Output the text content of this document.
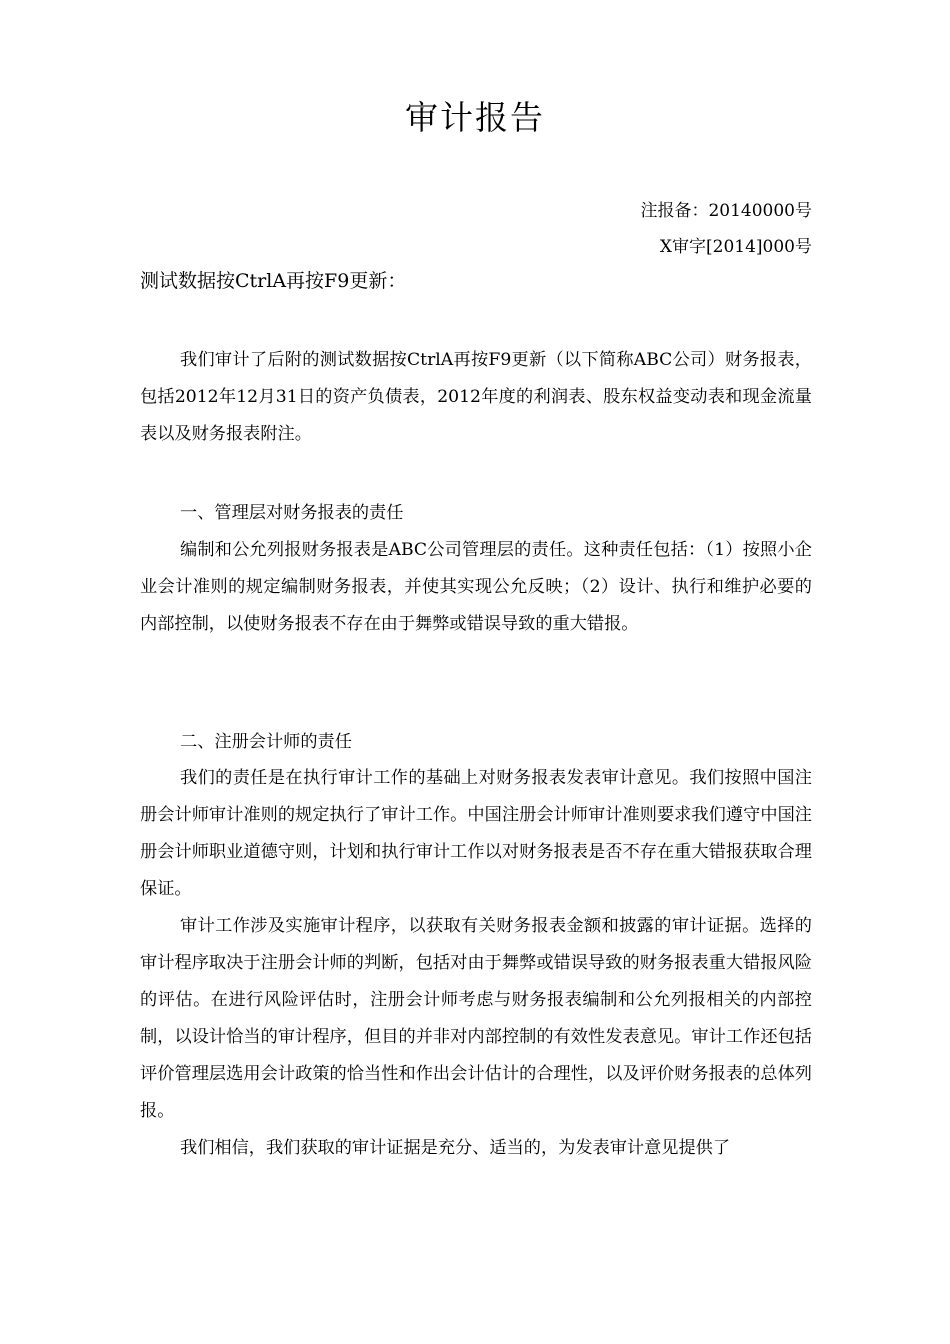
审计报告
注报备：20140000号
X审字[2014]000号
测试数据按CtrlA再按F9更新：

我们审计了后附的测试数据按CtrlA再按F9更新（以下简称ABC公司）财务报表，包括2012年12月31日的资产负债表，2012年度的利润表、股东权益变动表和现金流量表以及财务报表附注。

一、管理层对财务报表的责任

编制和公允列报财务报表是ABC公司管理层的责任。这种责任包括：（1）按照小企业会计准则的规定编制财务报表，并使其实现公允反映；（2）设计、执行和维护必要的内部控制，以使财务报表不存在由于舞弊或错误导致的重大错报。

二、注册会计师的责任

我们的责任是在执行审计工作的基础上对财务报表发表审计意见。我们按照中国注册会计师审计准则的规定执行了审计工作。中国注册会计师审计准则要求我们遵守中国注册会计师职业道德守则，计划和执行审计工作以对财务报表是否不存在重大错报获取合理保证。

审计工作涉及实施审计程序，以获取有关财务报表金额和披露的审计证据。选择的审计程序取决于注册会计师的判断，包括对由于舞弊或错误导致的财务报表重大错报风险的评估。在进行风险评估时，注册会计师考虑与财务报表编制和公允列报相关的内部控制，以设计恰当的审计程序，但目的并非对内部控制的有效性发表意见。审计工作还包括评价管理层选用会计政策的恰当性和作出会计估计的合理性，以及评价财务报表的总体列报。

我们相信，我们获取的审计证据是充分、适当的，为发表审计意见提供了
